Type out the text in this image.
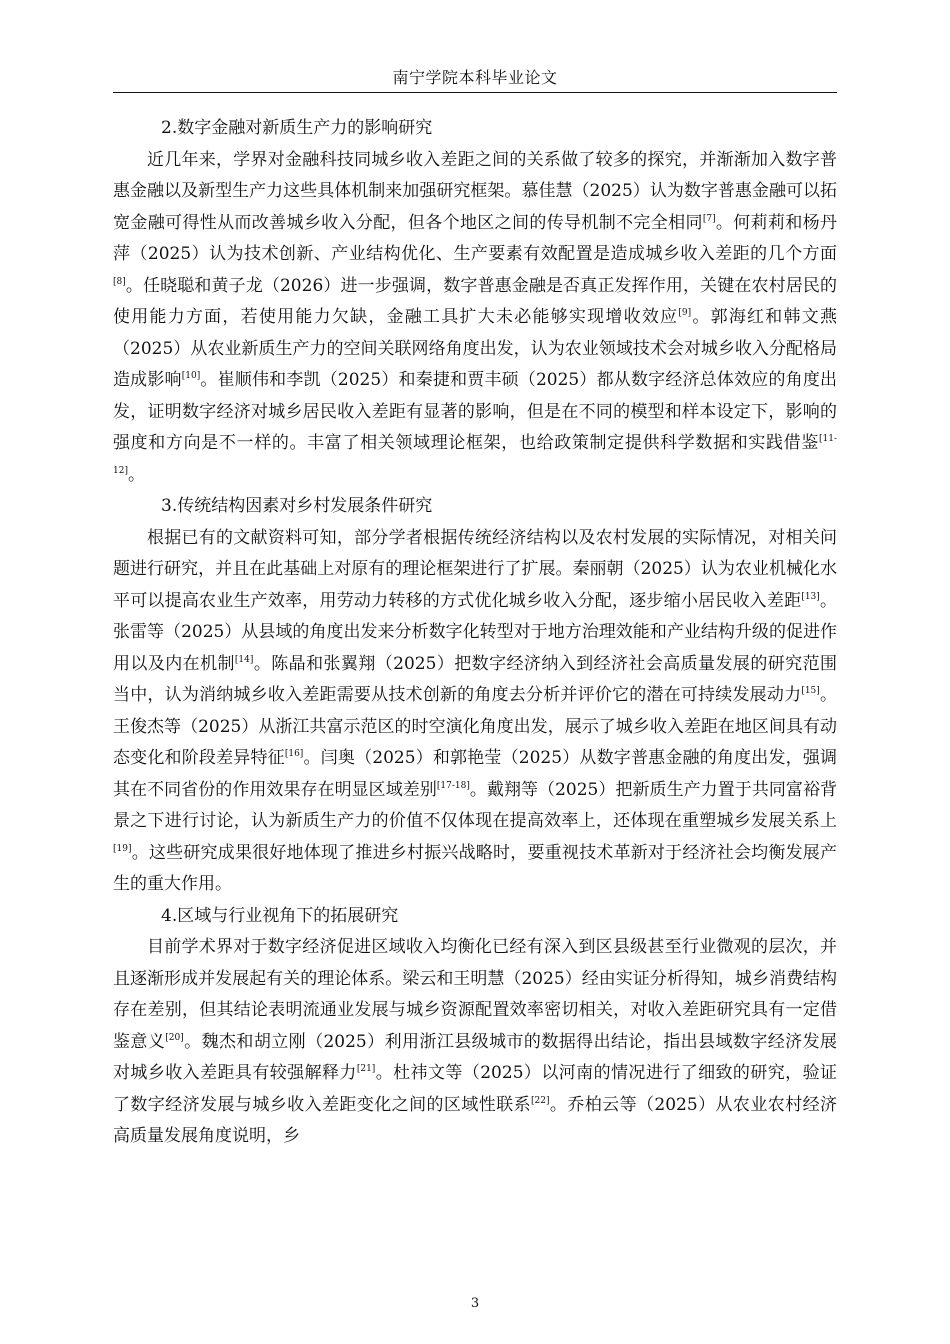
南宁学院本科毕业论文

2.数字金融对新质生产力的影响研究

近几年来，学界对金融科技同城乡收入差距之间的关系做了较多的探究，并渐渐加入数字普惠金融以及新型生产力这些具体机制来加强研究框架。慕佳慧（2025）认为数字普惠金融可以拓宽金融可得性从而改善城乡收入分配，但各个地区之间的传导机制不完全相同[7]。何莉莉和杨丹萍（2025）认为技术创新、产业结构优化、生产要素有效配置是造成城乡收入差距的几个方面[8]。任晓聪和黄子龙（2026）进一步强调，数字普惠金融是否真正发挥作用，关键在农村居民的使用能力方面，若使用能力欠缺，金融工具扩大未必能够实现增收效应[9]。郭海红和韩文燕（2025）从农业新质生产力的空间关联网络角度出发，认为农业领域技术会对城乡收入分配格局造成影响[10]。崔顺伟和李凯（2025）和秦捷和贾丰硕（2025）都从数字经济总体效应的角度出发，证明数字经济对城乡居民收入差距有显著的影响，但是在不同的模型和样本设定下，影响的强度和方向是不一样的。丰富了相关领域理论框架，也给政策制定提供科学数据和实践借鉴[11-12]。

3.传统结构因素对乡村发展条件研究

根据已有的文献资料可知，部分学者根据传统经济结构以及农村发展的实际情况，对相关问题进行研究，并且在此基础上对原有的理论框架进行了扩展。秦丽朝（2025）认为农业机械化水平可以提高农业生产效率，用劳动力转移的方式优化城乡收入分配，逐步缩小居民收入差距[13]。张雷等（2025）从县域的角度出发来分析数字化转型对于地方治理效能和产业结构升级的促进作用以及内在机制[14]。陈晶和张翼翔（2025）把数字经济纳入到经济社会高质量发展的研究范围当中，认为消纳城乡收入差距需要从技术创新的角度去分析并评价它的潜在可持续发展动力[15]。王俊杰等（2025）从浙江共富示范区的时空演化角度出发，展示了城乡收入差距在地区间具有动态变化和阶段差异特征[16]。闫奥（2025）和郭艳莹（2025）从数字普惠金融的角度出发，强调其在不同省份的作用效果存在明显区域差别[17-18]。戴翔等（2025）把新质生产力置于共同富裕背景之下进行讨论，认为新质生产力的价值不仅体现在提高效率上，还体现在重塑城乡发展关系上[19]。这些研究成果很好地体现了推进乡村振兴战略时，要重视技术革新对于经济社会均衡发展产生的重大作用。

4.区域与行业视角下的拓展研究

目前学术界对于数字经济促进区域收入均衡化已经有深入到区县级甚至行业微观的层次，并且逐渐形成并发展起有关的理论体系。梁云和王明慧（2025）经由实证分析得知，城乡消费结构存在差别，但其结论表明流通业发展与城乡资源配置效率密切相关，对收入差距研究具有一定借鉴意义[20]。魏杰和胡立刚（2025）利用浙江县级城市的数据得出结论，指出县域数字经济发展对城乡收入差距具有较强解释力[21]。杜祎文等（2025）以河南的情况进行了细致的研究，验证了数字经济发展与城乡收入差距变化之间的区域性联系[22]。乔柏云等（2025）从农业农村经济高质量发展角度说明，乡

3
